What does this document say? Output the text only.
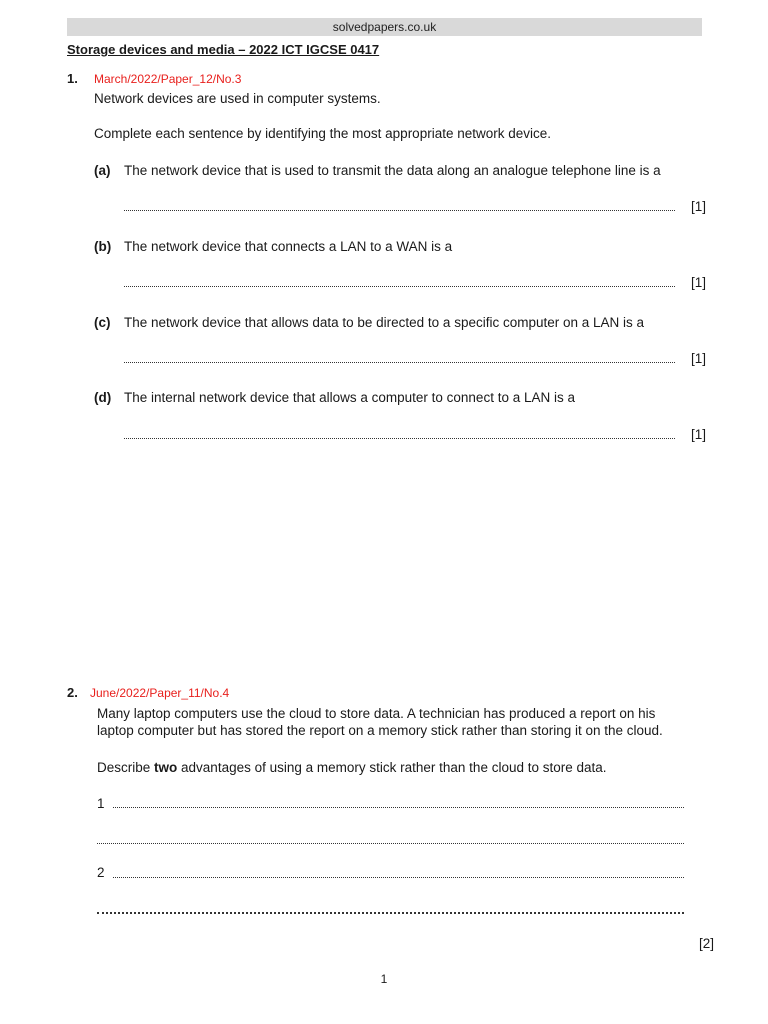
solvedpapers.co.uk
Storage devices and media – 2022 ICT IGCSE 0417
1. March/2022/Paper_12/No.3
Network devices are used in computer systems.
Complete each sentence by identifying the most appropriate network device.
(a) The network device that is used to transmit the data along an analogue telephone line is a
[1]
(b) The network device that connects a LAN to a WAN is a
[1]
(c) The network device that allows data to be directed to a specific computer on a LAN is a
[1]
(d) The internal network device that allows a computer to connect to a LAN is a
[1]
2. June/2022/Paper_11/No.4
Many laptop computers use the cloud to store data. A technician has produced a report on his
laptop computer but has stored the report on a memory stick rather than storing it on the cloud.
Describe two advantages of using a memory stick rather than the cloud to store data.
1
2
[2]
1
